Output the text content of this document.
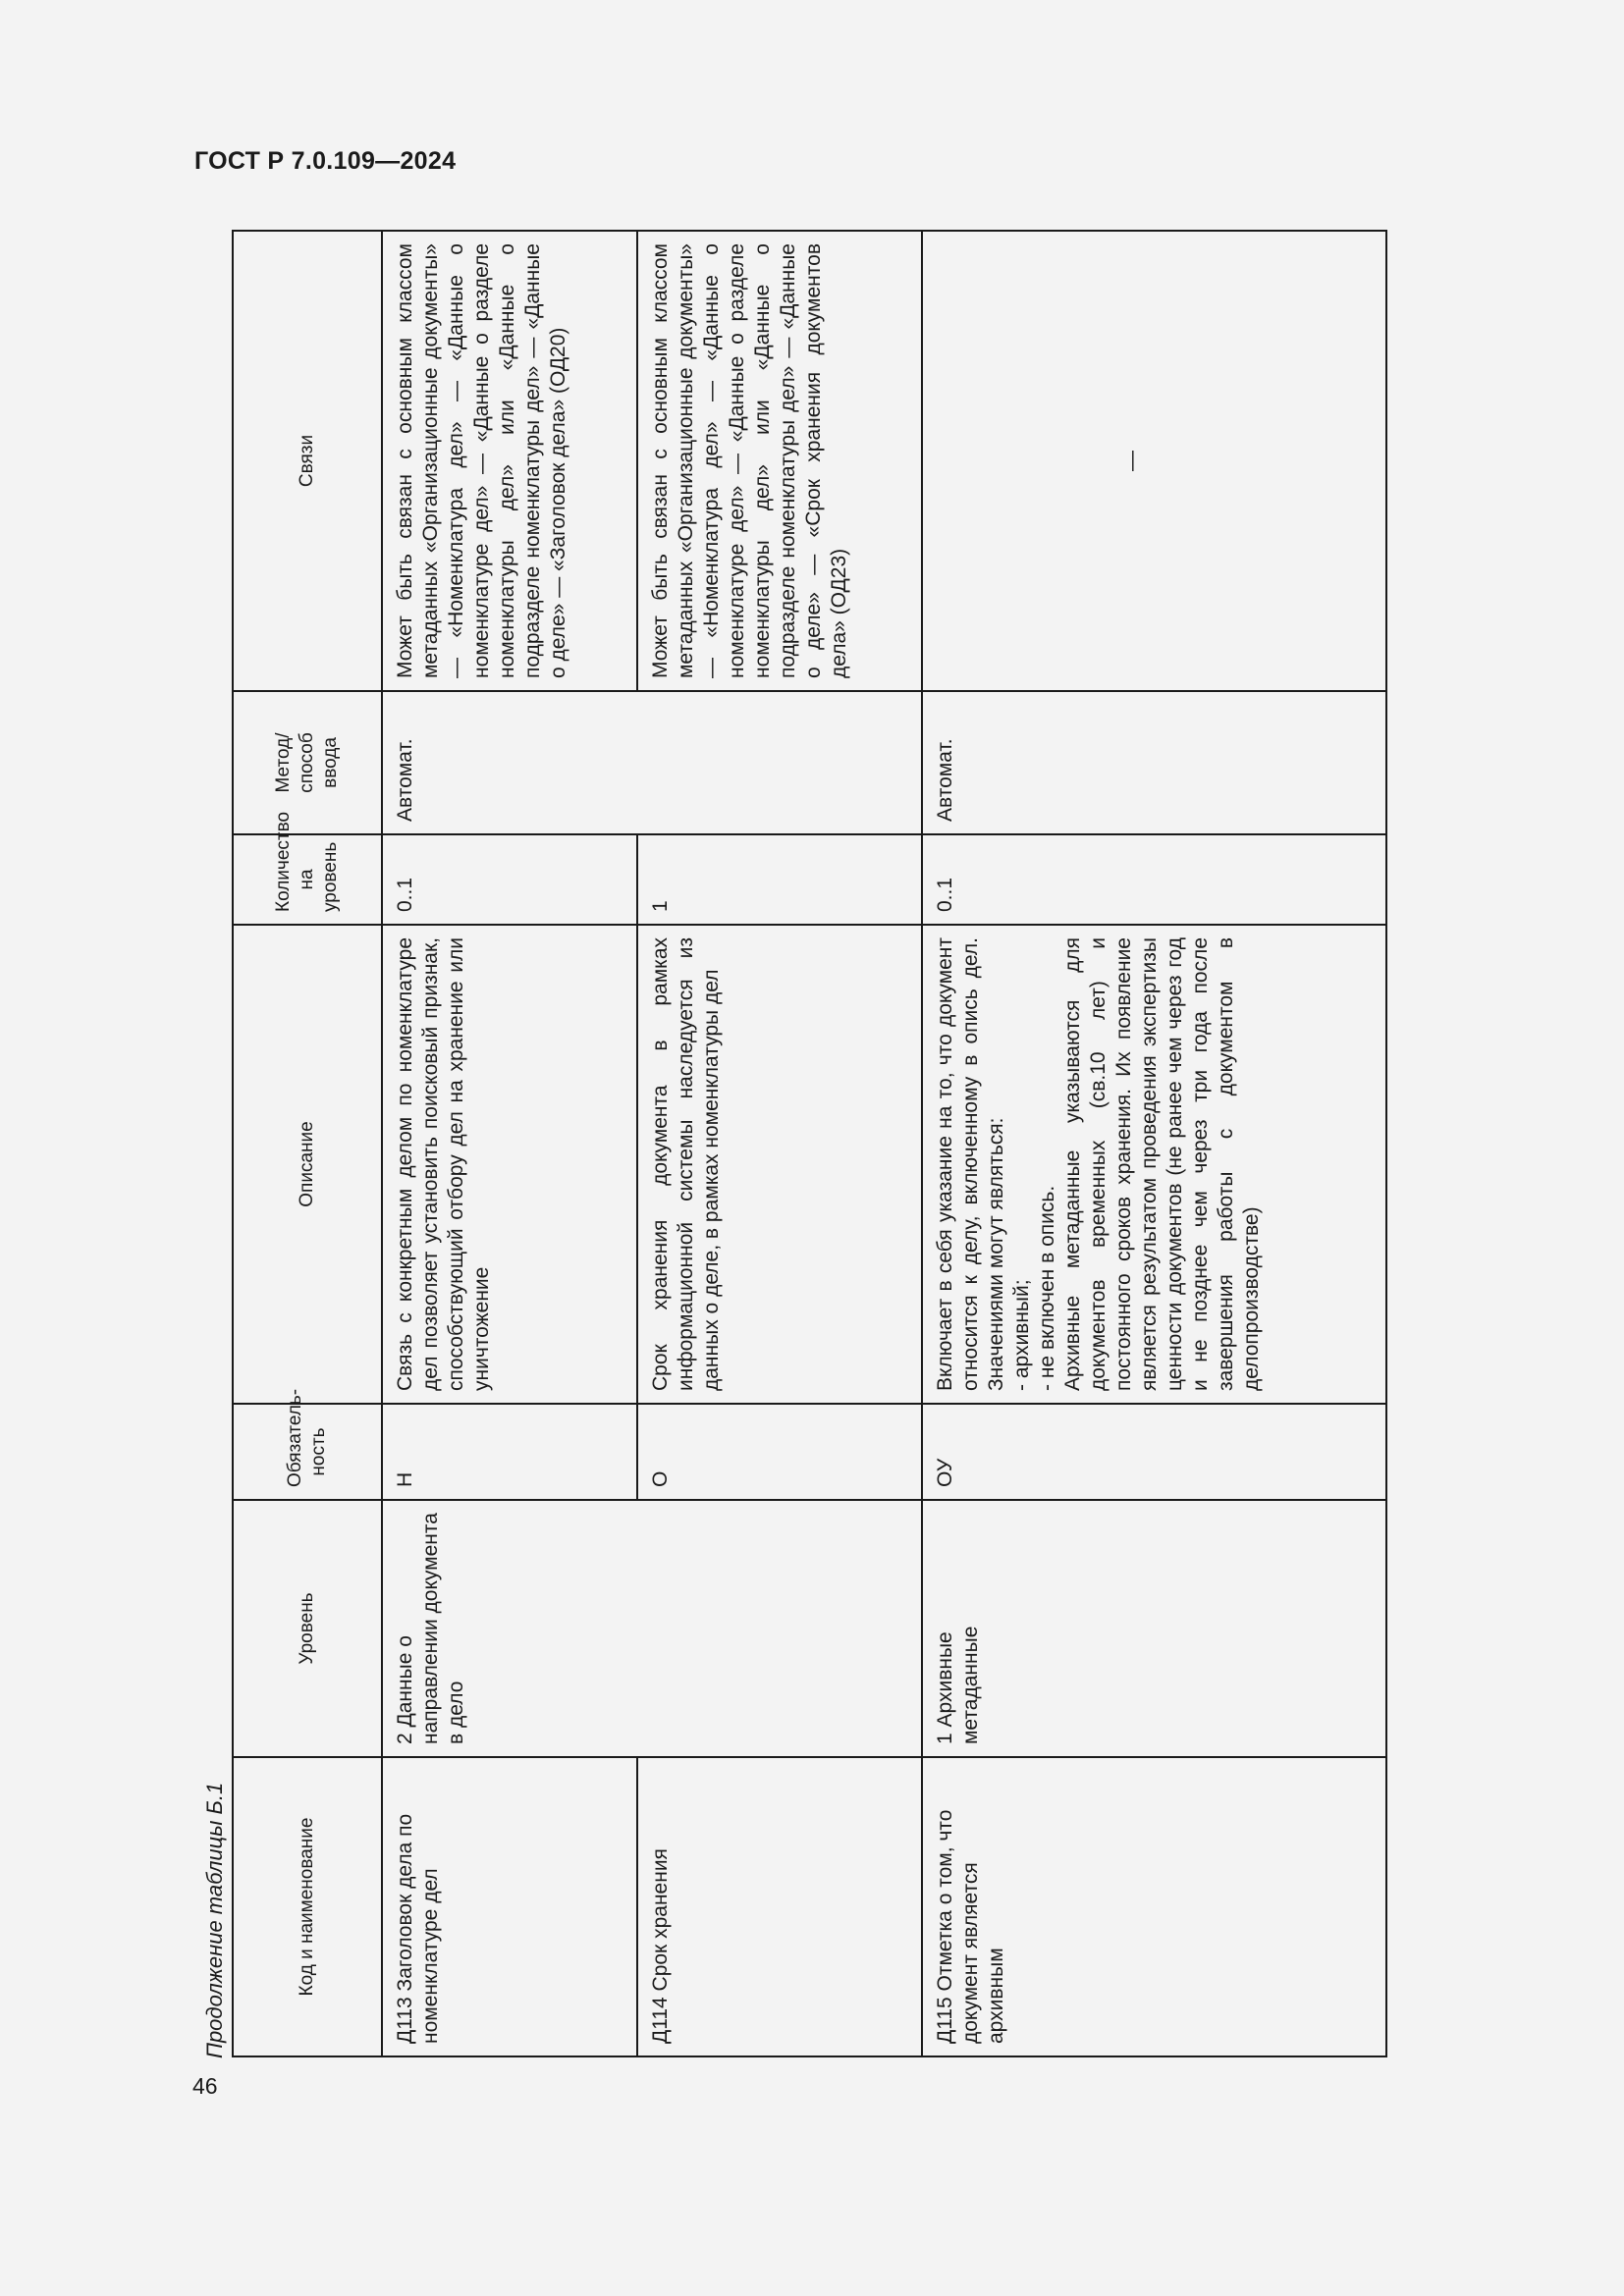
ГОСТ Р 7.0.109—2024
46
Продолжение таблицы Б.1	Код и наименование	Уровень	Обязатель-
ность	Описание	Количество
на уровень	Метод/
способ
ввода	Связи
Д113 Заголовок дела по номенклатуре дел	2 Данные о направлении документа в дело	Н	Связь с конкретным делом по номенклатуре дел позволяет установить поисковый признак, способствующий отбору дел на хранение или уничтожение	0..1	Автомат.	Может быть связан с основным классом метаданных «Организационные документы» — «Номенклатура дел» — «Данные о номенклатуре дел» — «Данные о разделе номенклатуры дел» или «Данные о подразделе номенклатуры дел» — «Данные о деле» — «Заголовок дела» (ОД20)
Д114 Срок хранения		О	Срок хранения документа в рамках информационной системы наследуется из данных о деле, в рамках номенклатуры дел	1		Может быть связан с основным классом метаданных «Организационные документы» — «Номенклатура дел» — «Данные о номенклатуре дел» — «Данные о разделе номенклатуры дел» или «Данные о подразделе номенклатуры дел» — «Данные о деле» — «Срок хранения документов дела» (ОД23)
Д115 Отметка о том, что документ является архивным	1 Архивные метаданные	ОУ	Включает в себя указание на то, что документ относится к делу, включенному в опись дел. Значениями могут являться:
- архивный;
- не включен в опись.
Архивные метаданные указываются для документов временных (св.10 лет) и постоянного сроков хранения. Их появление является результатом проведения экспертизы ценности документов (не ранее чем через год и не позднее чем через три года после завершения работы с документом в делопроизводстве)	0..1	Автомат.	—
